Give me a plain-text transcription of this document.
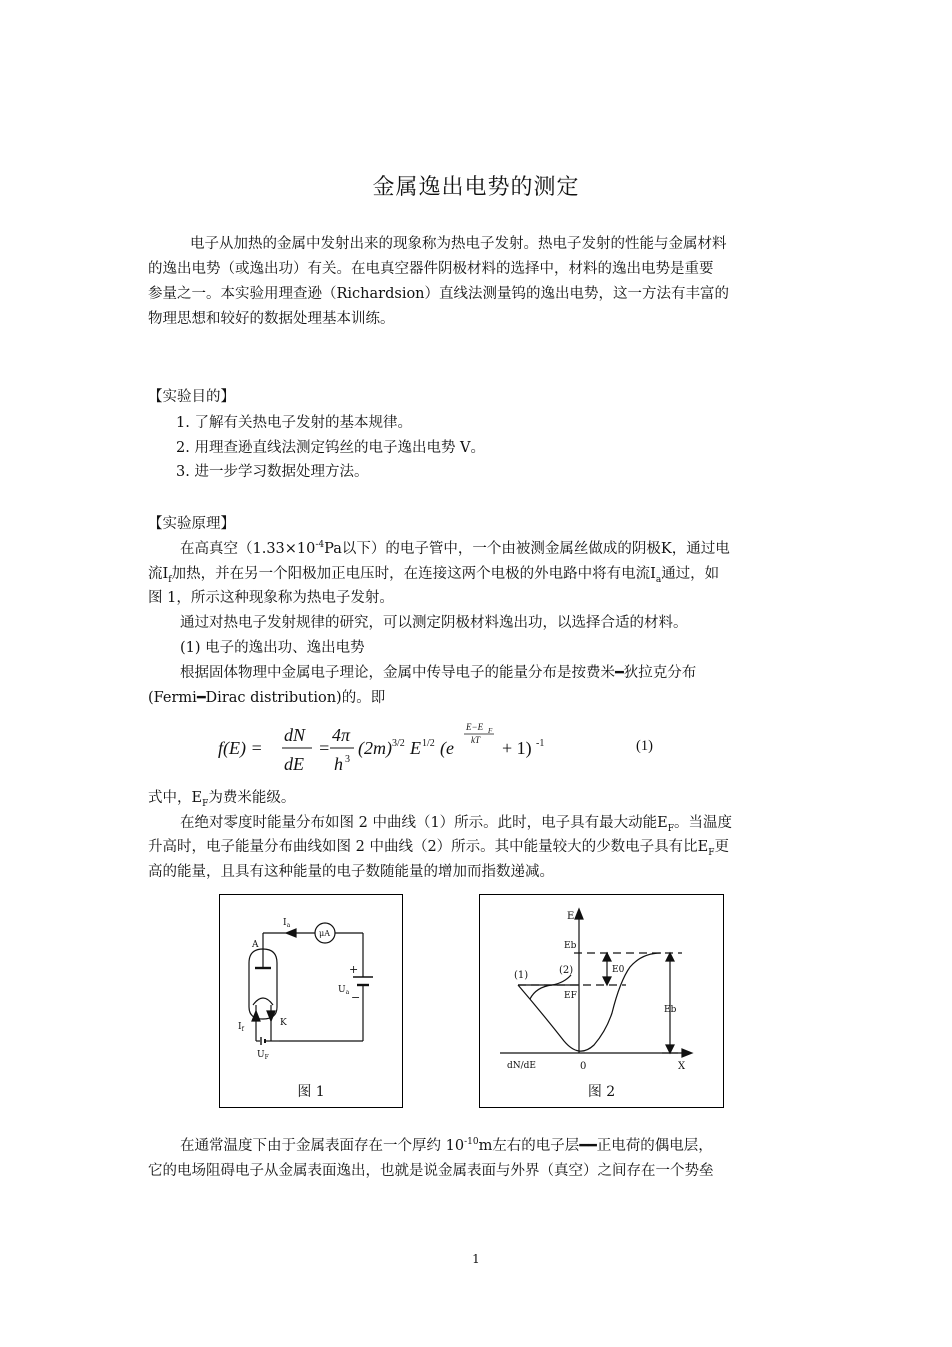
金属逸出电势的测定
电子从加热的金属中发射出来的现象称为热电子发射。热电子发射的性能与金属材料
的逸出电势（或逸出功）有关。在电真空器件阴极材料的选择中，材料的逸出电势是重要
参量之一。本实验用理查逊（Richardsion）直线法测量钨的逸出电势，这一方法有丰富的
物理思想和较好的数据处理基本训练。
【实验目的】
1. 了解有关热电子发射的基本规律。
2. 用理查逊直线法测定钨丝的电子逸出电势 V。
3. 进一步学习数据处理方法。
【实验原理】
在高真空（$1.33\times 10^{-4}Pa$以下）的电子管中，一个由被测金属丝做成的阴极K，通过电
流$I_f$加热，并在另一个阳极加正电压时，在连接这两个电极的外电路中将有电流$I_a$通过，如
图 1，所示这种现象称为热电子发射。
通过对热电子发射规律的研究，可以测定阴极材料逸出功，以选择合适的材料。
(1) 电子的逸出功、逸出电势
根据固体物理中金属电子理论，金属中传导电子的能量分布是按费米━狄拉克分布
(Fermi━Dirac distribution)的。即
f(E) =
dN
dE
=
4π
h 3
(2m) 3/2 E 1/2 (e
E−E F
kT + 1) -1	(1)
式中，$E_F$为费米能级。
在绝对零度时能量分布如图 2 中曲线（1）所示。此时，电子具有最大动能$E_F$。当温度
升高时，电子能量分布曲线如图 2 中曲线（2）所示。其中能量较大的少数电子具有比$E_F$更
高的能量，且具有这种能量的电子数随能量的增加而指数递减。
$I_a$
μA
A
+
$U_a$ −
K
$I_f$
$U_F$
图 1
E
Eb
(1)	(2)	E0
EF
Eb
dN/dE	0	X
图 2
在通常温度下由于金属表面存在一个厚约 $10^{-10}m$左右的电子层━━正电荷的偶电层，
它的电场阻碍电子从金属表面逸出，也就是说金属表面与外界（真空）之间存在一个势垒
1
